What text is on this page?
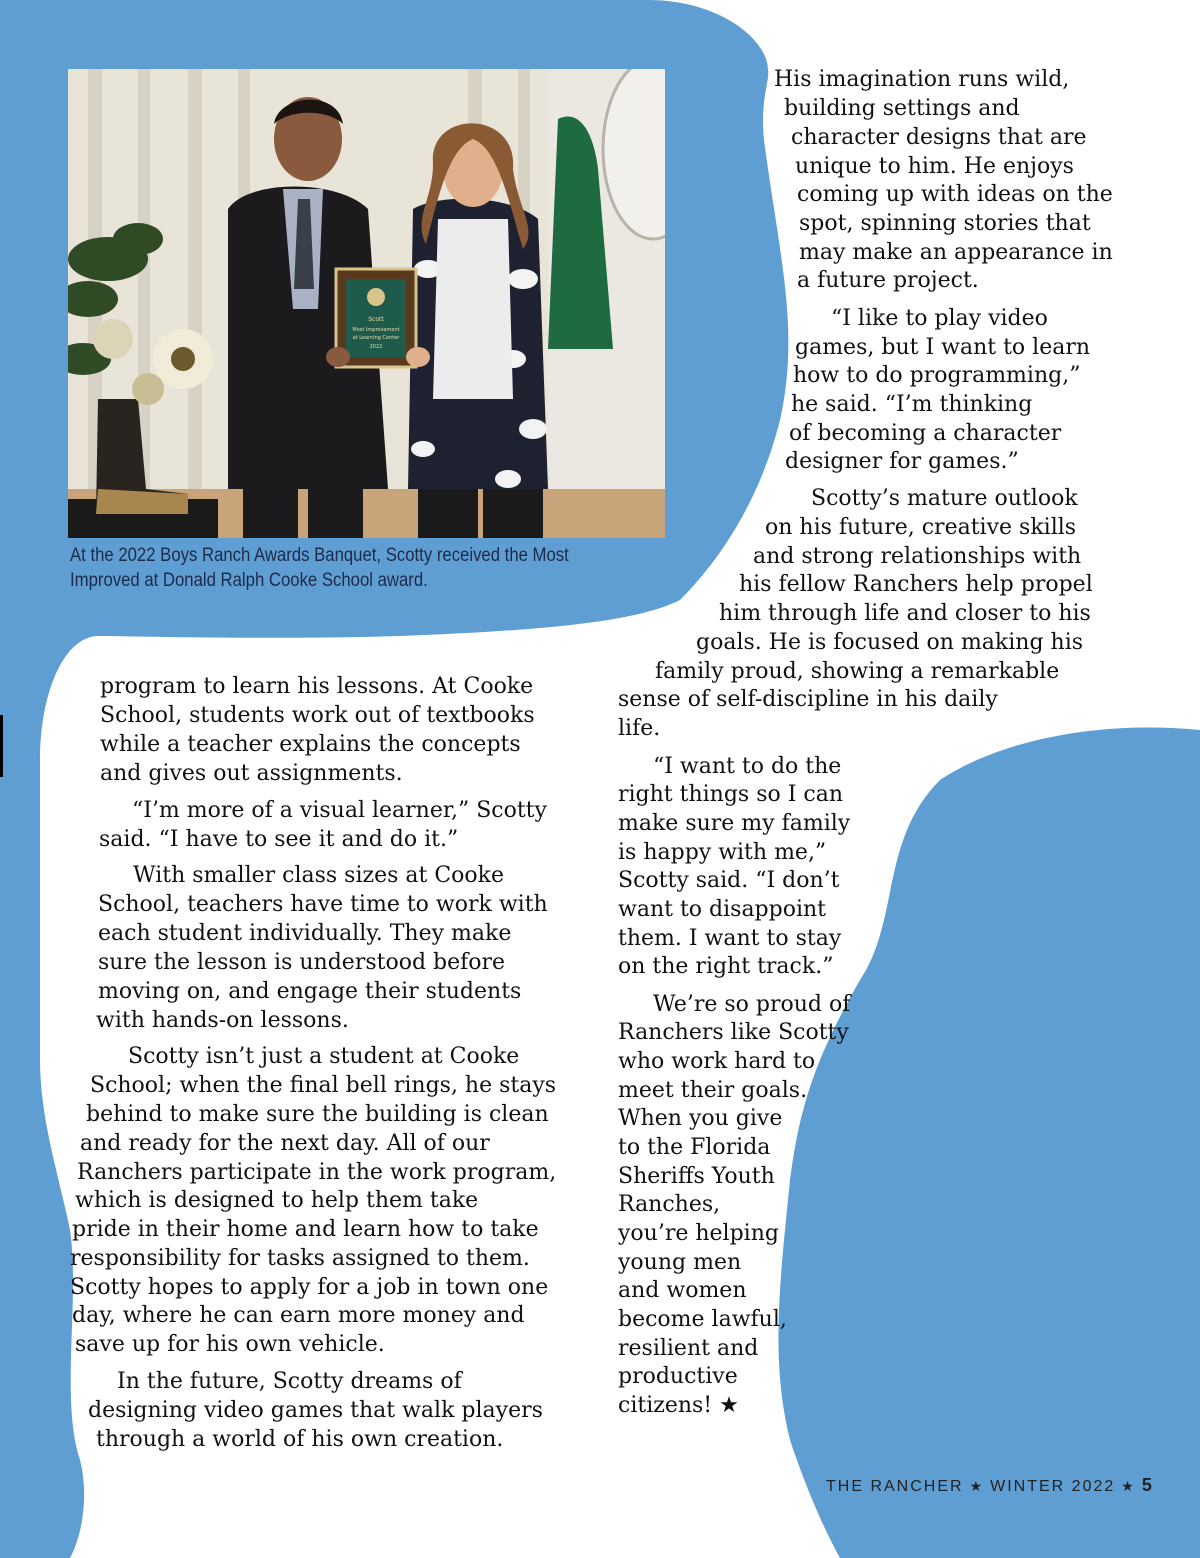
Scott
Most Improvement
at Learning Center
2022
At the 2022 Boys Ranch Awards Banquet, Scotty received the Most
Improved at Donald Ralph Cooke School award.
program to learn his lessons. At Cooke
School, students work out of textbooks
while a teacher explains the concepts
and gives out assignments.
“I’m more of a visual learner,” Scotty
said. “I have to see it and do it.”
With smaller class sizes at Cooke
School, teachers have time to work with
each student individually. They make
sure the lesson is understood before
moving on, and engage their students
with hands-on lessons.
Scotty isn’t just a student at Cooke
School; when the final bell rings, he stays
behind to make sure the building is clean
and ready for the next day. All of our
Ranchers participate in the work program,
which is designed to help them take
pride in their home and learn how to take
responsibility for tasks assigned to them.
Scotty hopes to apply for a job in town one
day, where he can earn more money and
save up for his own vehicle.
In the future, Scotty dreams of
designing video games that walk players
through a world of his own creation.
His imagination runs wild,
building settings and
character designs that are
unique to him. He enjoys
coming up with ideas on the
spot, spinning stories that
may make an appearance in
a future project.
“I like to play video
games, but I want to learn
how to do programming,”
he said. “I’m thinking
of becoming a character
designer for games.”
Scotty’s mature outlook
on his future, creative skills
and strong relationships with
his fellow Ranchers help propel
him through life and closer to his
goals. He is focused on making his
family proud, showing a remarkable
sense of self-discipline in his daily
life.
“I want to do the
right things so I can
make sure my family
is happy with me,”
Scotty said. “I don’t
want to disappoint
them. I want to stay
on the right track.”
We’re so proud of
Ranchers like Scotty
who work hard to
meet their goals.
When you give
to the Florida
Sheriffs Youth
Ranches,
you’re helping
young men
and women
become lawful,
resilient and
productive
citizens! ★
THE RANCHER ★ WINTER 2022 ★ 5
